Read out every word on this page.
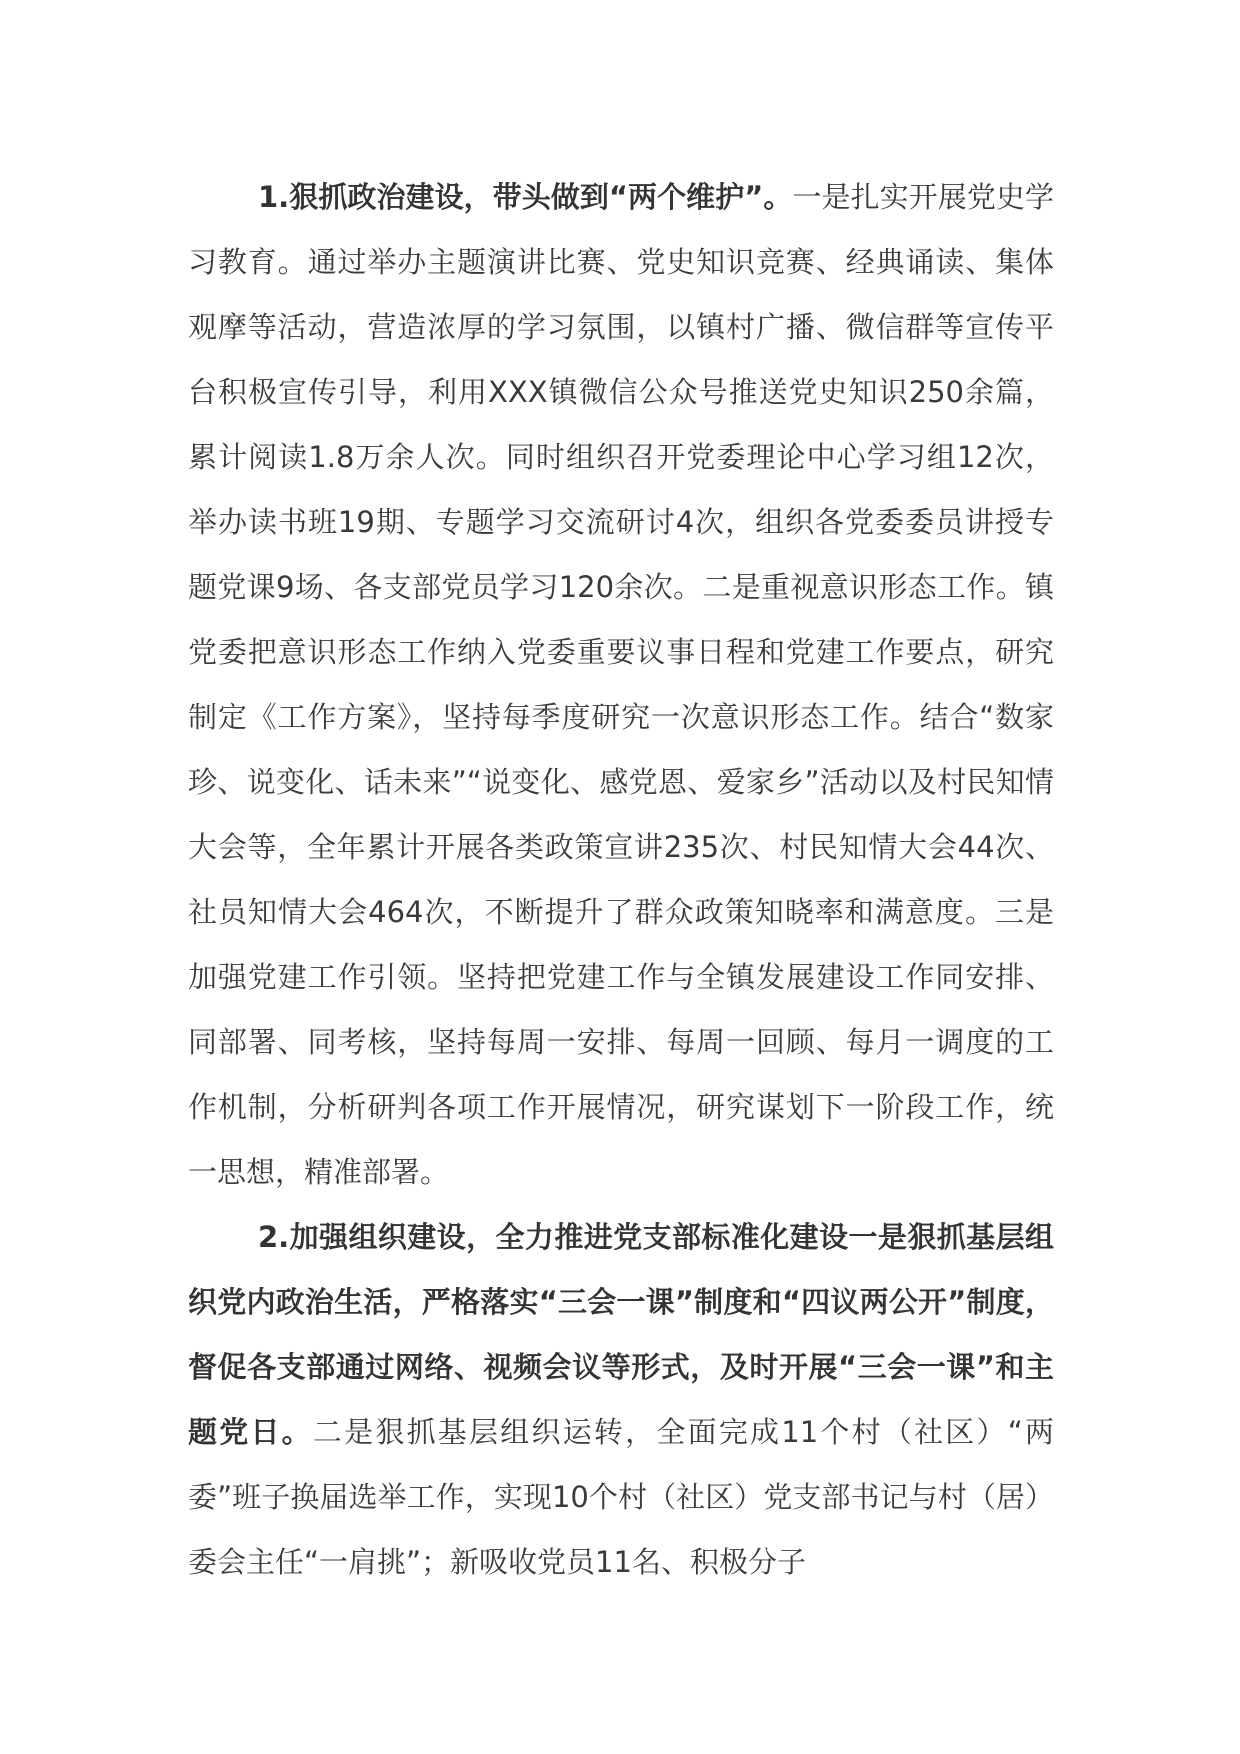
1.狠抓政治建设，带头做到“两个维护”。一是扎实开展党史学习教育。通过举办主题演讲比赛、党史知识竞赛、经典诵读、集体观摩等活动，营造浓厚的学习氛围，以镇村广播、微信群等宣传平台积极宣传引导，利用XXX镇微信公众号推送党史知识250余篇，累计阅读1.8万余人次。同时组织召开党委理论中心学习组12次，举办读书班19期、专题学习交流研讨4次，组织各党委委员讲授专题党课9场、各支部党员学习120余次。二是重视意识形态工作。镇党委把意识形态工作纳入党委重要议事日程和党建工作要点，研究制定《工作方案》，坚持每季度研究一次意识形态工作。结合“数家珍、说变化、话未来”“说变化、感党恩、爱家乡”活动以及村民知情大会等，全年累计开展各类政策宣讲235次、村民知情大会44次、社员知情大会464次，不断提升了群众政策知晓率和满意度。三是加强党建工作引领。坚持把党建工作与全镇发展建设工作同安排、同部署、同考核，坚持每周一安排、每周一回顾、每月一调度的工作机制，分析研判各项工作开展情况，研究谋划下一阶段工作，统一思想，精准部署。

2.加强组织建设，全力推进党支部标准化建设一是狠抓基层组织党内政治生活，严格落实“三会一课”制度和“四议两公开”制度，督促各支部通过网络、视频会议等形式，及时开展“三会一课”和主题党日。二是狠抓基层组织运转，全面完成11个村（社区）“两委”班子换届选举工作，实现10个村（社区）党支部书记与村（居）委会主任“一肩挑”；新吸收党员11名、积极分子
